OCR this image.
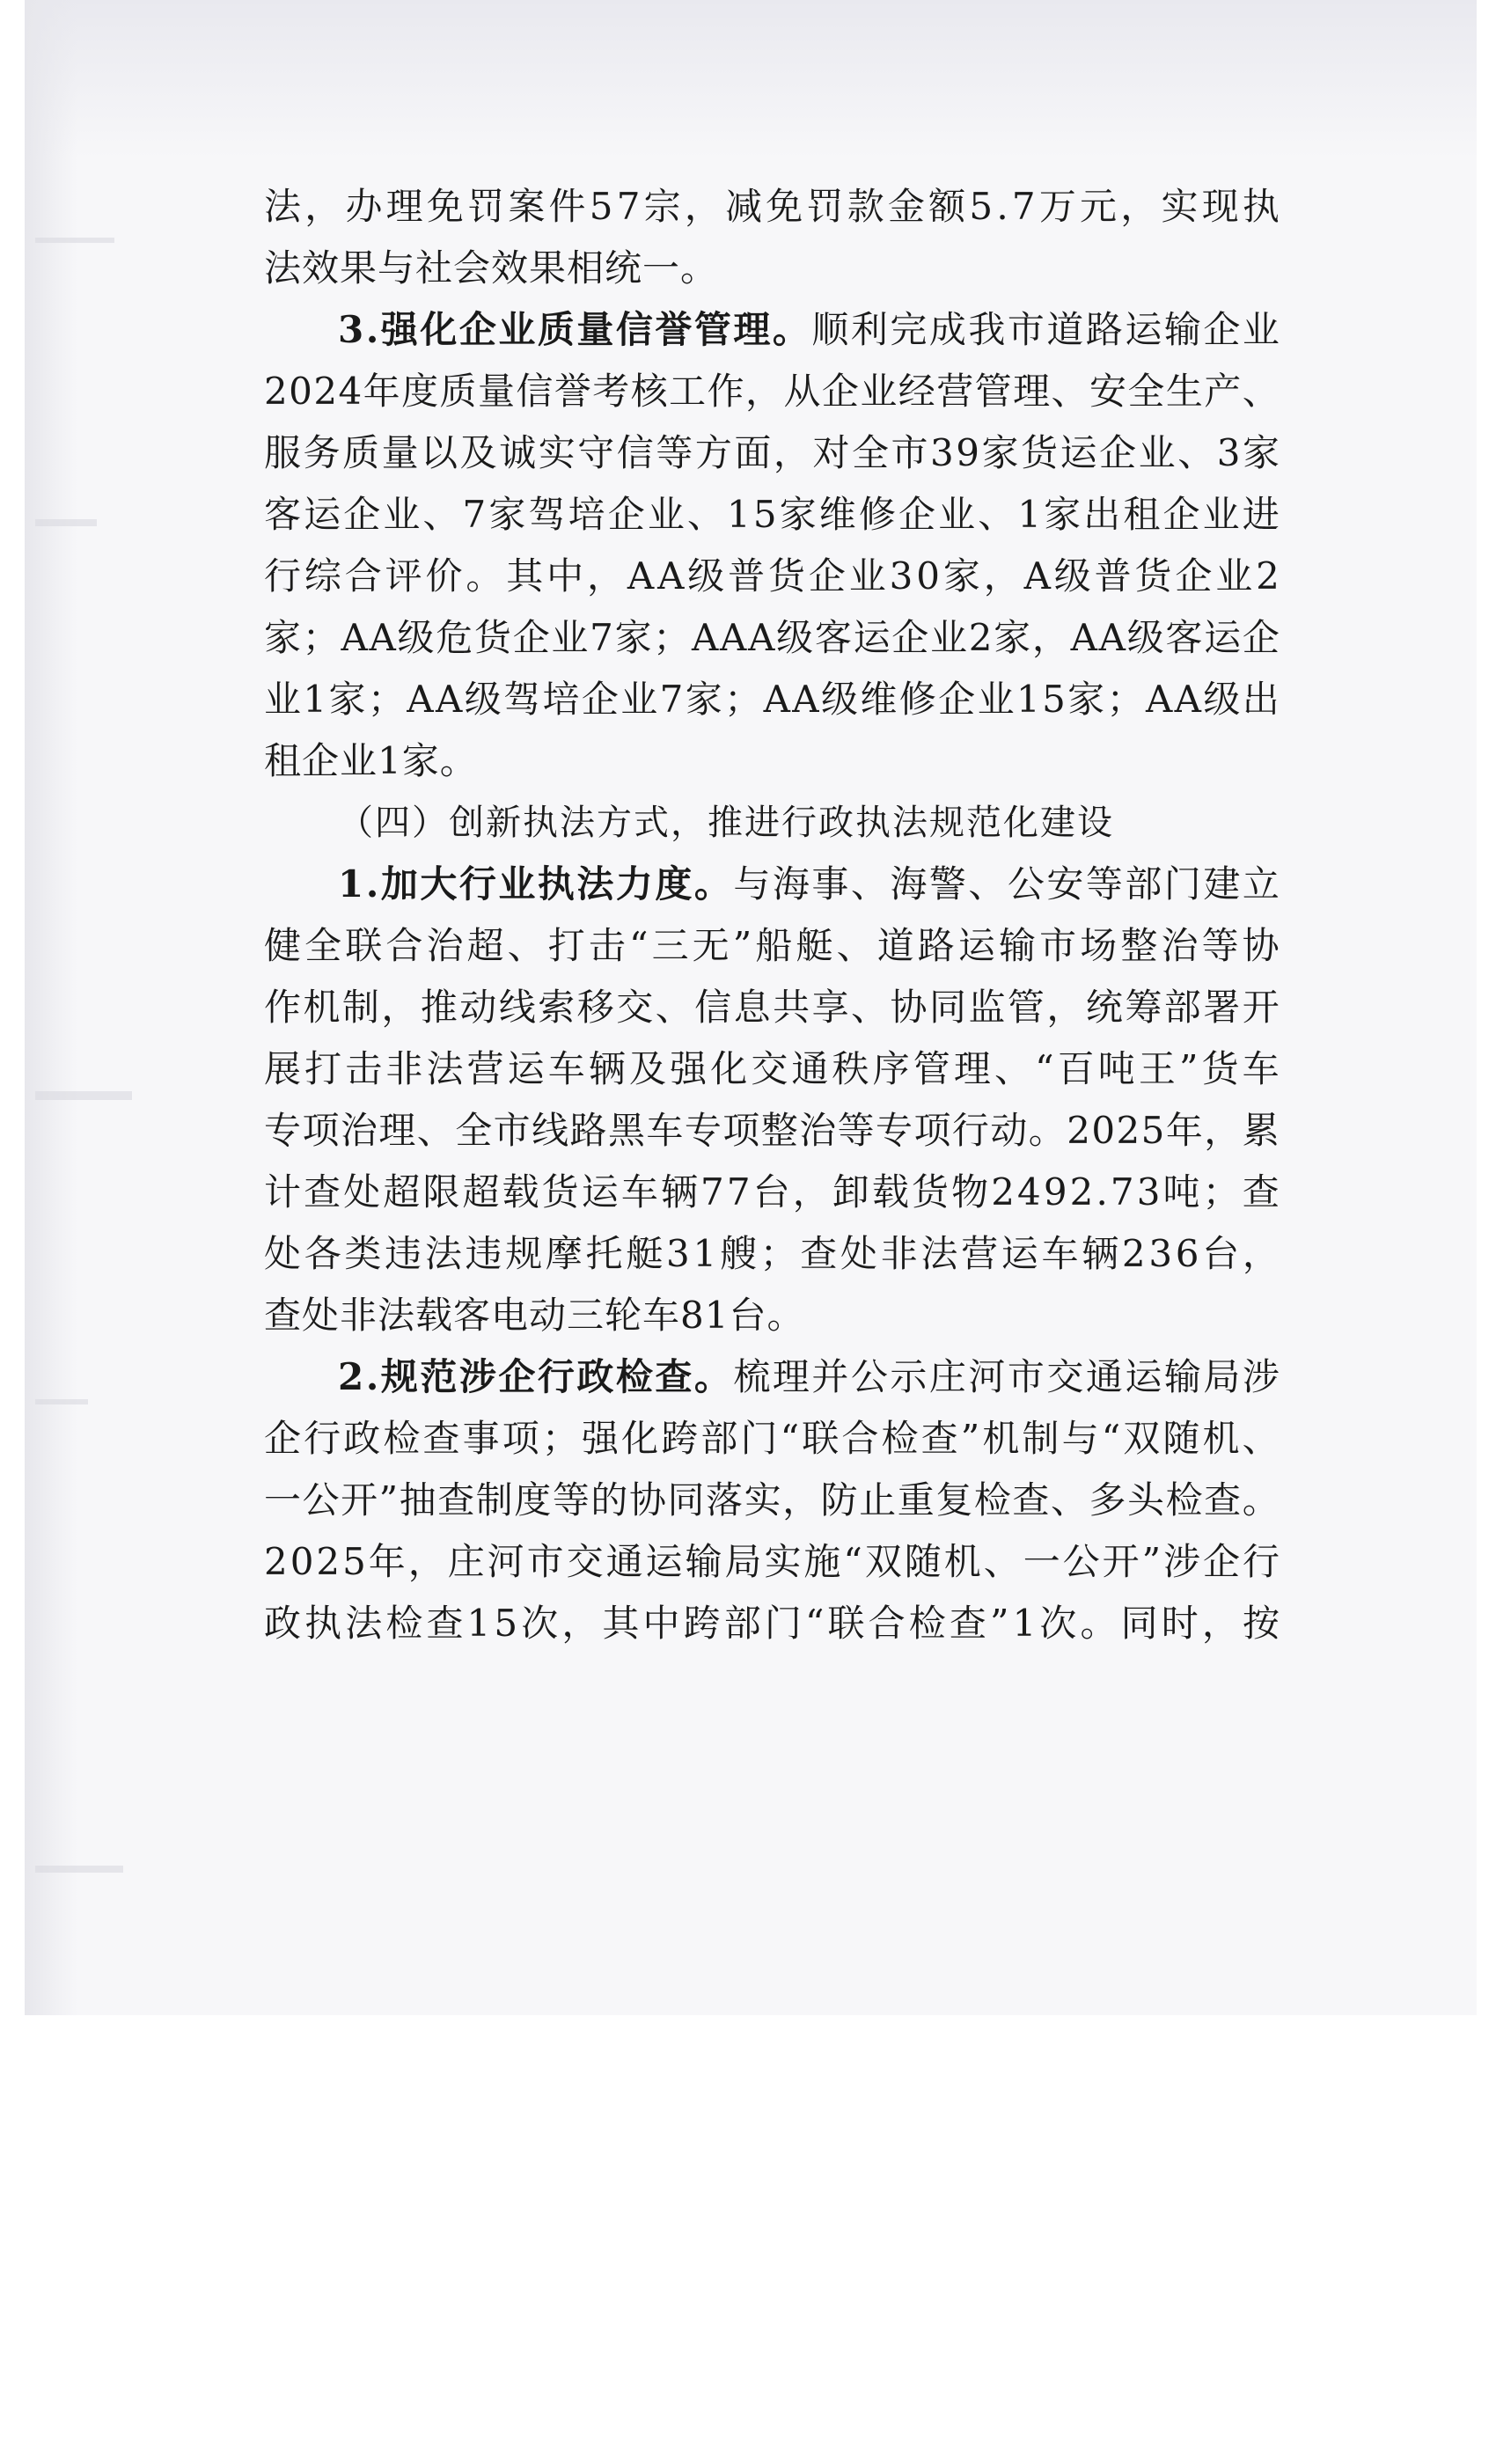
法 ， 办 理 免 罚 案 件 5 7 宗 ， 减 免 罚 款 金 额 5 . 7 万 元 ， 实 现 执
法效果与社会效果相统一。
3 . 强 化 企 业 质 量 信 誉 管 理 。 顺 利 完 成 我 市 道 路 运 输 企 业
2 0 2 4 年 度 质 量 信 誉 考 核 工 作 ， 从 企 业 经 营 管 理 、 安 全 生 产 、
服 务 质 量 以 及 诚 实 守 信 等 方 面 ， 对 全 市 3 9 家 货 运 企 业 、 3 家
客 运 企 业 、 7 家 驾 培 企 业 、 1 5 家 维 修 企 业 、 1 家 出 租 企 业 进
行 综 合 评 价 。 其 中 ， A A 级 普 货 企 业 3 0 家 ， A 级 普 货 企 业 2
家 ； A A 级 危 货 企 业 7 家 ； A A A 级 客 运 企 业 2 家 ， A A 级 客 运 企
业 1 家 ； A A 级 驾 培 企 业 7 家 ； A A 级 维 修 企 业 1 5 家 ； A A 级 出
租企业1家。
（四）创新执法方式，推进行政执法规范化建设
1 . 加 大 行 业 执 法 力 度 。 与 海 事 、 海 警 、 公 安 等 部 门 建 立
健 全 联 合 治 超 、 打 击 “ 三 无 ” 船 艇 、 道 路 运 输 市 场 整 治 等 协
作 机 制 ， 推 动 线 索 移 交 、 信 息 共 享 、 协 同 监 管 ， 统 筹 部 署 开
展 打 击 非 法 营 运 车 辆 及 强 化 交 通 秩 序 管 理 、 “ 百 吨 王 ” 货 车
专 项 治 理 、 全 市 线 路 黑 车 专 项 整 治 等 专 项 行 动 。 2 0 2 5 年 ， 累
计 查 处 超 限 超 载 货 运 车 辆 7 7 台 ， 卸 载 货 物 2 4 9 2 . 7 3 吨 ； 查
处 各 类 违 法 违 规 摩 托 艇 3 1 艘 ； 查 处 非 法 营 运 车 辆 2 3 6 台 ，
查处非法载客电动三轮车81台。
2 . 规 范 涉 企 行 政 检 查 。 梳 理 并 公 示 庄 河 市 交 通 运 输 局 涉
企 行 政 检 查 事 项 ； 强 化 跨 部 门 “ 联 合 检 查 ” 机 制 与 “ 双 随 机 、
一 公 开 ” 抽 查 制 度 等 的 协 同 落 实 ， 防 止 重 复 检 查 、 多 头 检 查 。
2 0 2 5 年 ， 庄 河 市 交 通 运 输 局 实 施 “ 双 随 机 、 一 公 开 ” 涉 企 行
政 执 法 检 查 1 5 次 ， 其 中 跨 部 门 “ 联 合 检 查 ” 1 次 。 同 时 ， 按
